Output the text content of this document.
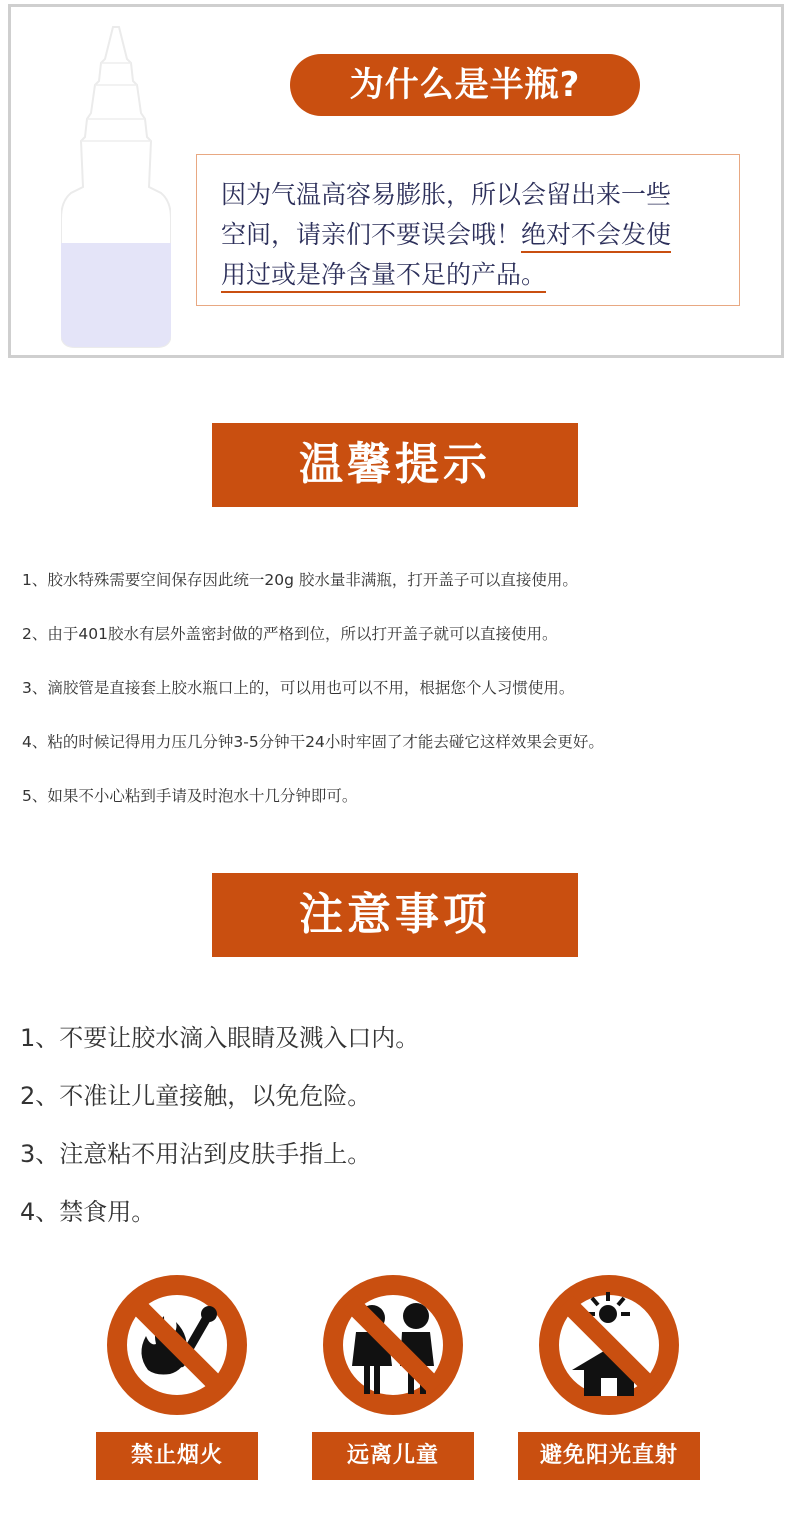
为什么是半瓶?
因为气温高容易膨胀，所以会留出来一些
空间，请亲们不要误会哦！绝对不会发使
用过或是净含量不足的产品。
温馨提示
1、胶水特殊需要空间保存因此统一20g 胶水量非满瓶，打开盖子可以直接使用。
2、由于401胶水有层外盖密封做的严格到位，所以打开盖子就可以直接使用。
3、滴胶管是直接套上胶水瓶口上的，可以用也可以不用，根据您个人习惯使用。
4、粘的时候记得用力压几分钟3-5分钟干24小时牢固了才能去碰它这样效果会更好。
5、如果不小心粘到手请及时泡水十几分钟即可。
注意事项
1、不要让胶水滴入眼睛及溅入口内。
2、不准让儿童接触，以免危险。
3、注意粘不用沾到皮肤手指上。
4、禁食用。
禁止烟火	远离儿童	避免阳光直射
